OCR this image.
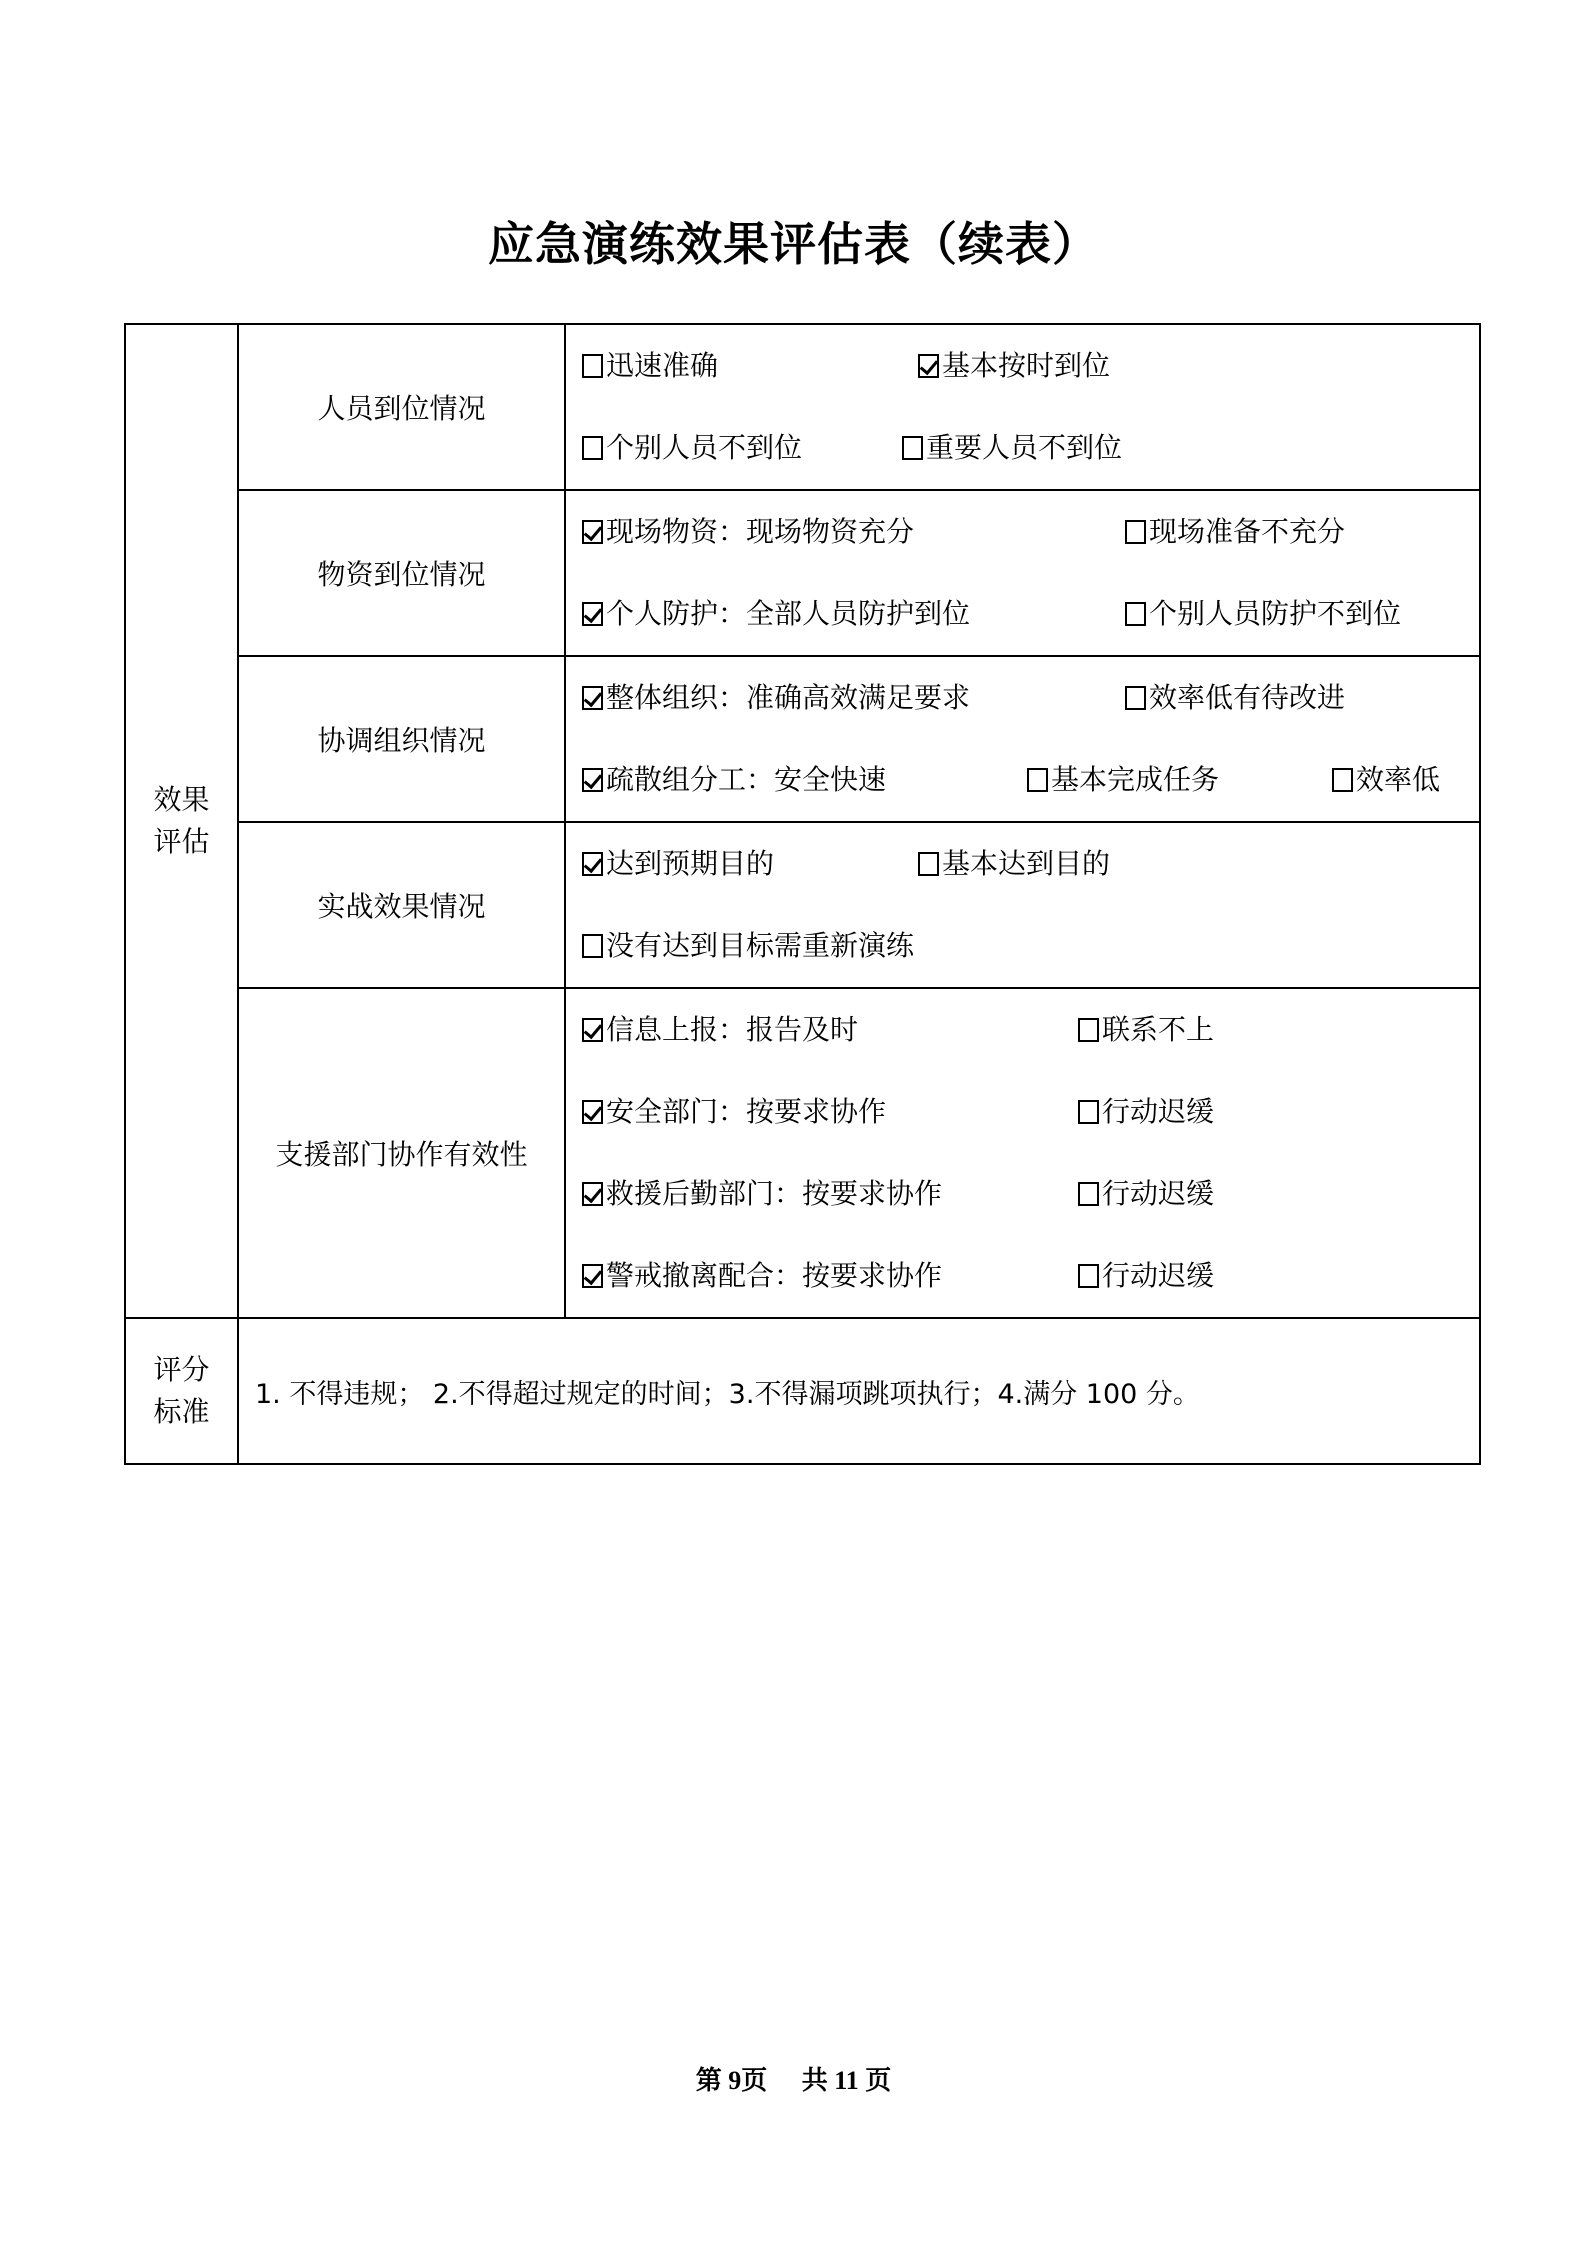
应急演练效果评估表（续表）
效果
评估
	人员到位情况	
迅速准确	基本按时到位
个别人员不到位	重要人员不到位

	物资到位情况	现场物资：现场物资充分 现场准备不充分
个人防护：全部人员防护到位 个别人员防护不到位

	协调组织情况	整体组织：准确高效满足要求 效率低有待改进
疏散组分工：安全快速 基本完成任务 效率低

	实战效果情况	达到预期目的 基本达到目的
没有达到目标需重新演练

支援部门协作有效性	
信息上报：报告及时	联系不上
安全部门：按要求协作	行动迟缓
救援后勤部门：按要求协作	行动迟缓
警戒撤离配合：按要求协作	行动迟缓

评分
标准	1. 不得违规； 2.不得超过规定的时间；3.不得漏项跳项执行；4.满分 100 分。	
第 9页 共 11 页
